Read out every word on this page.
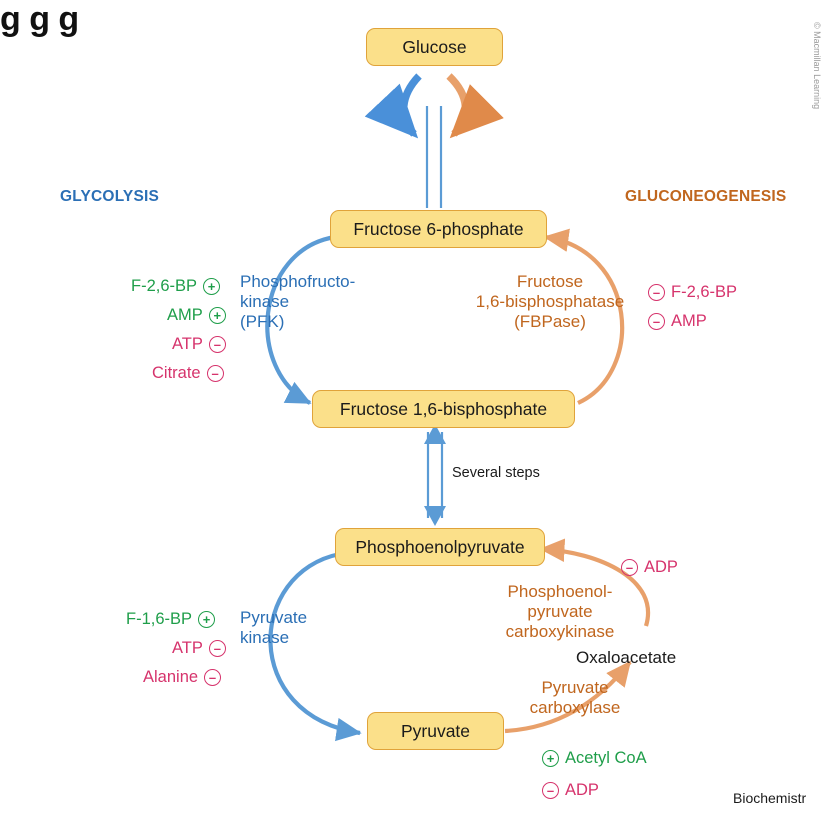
g g g
Glucose
Fructose 6-phosphate
Fructose 1,6-bisphosphate
Phosphoenolpyruvate
Pyruvate
Oxaloacetate
GLYCOLYSIS	GLUCONEOGENESIS
Phosphofructo-
kinase
(PFK)
Fructose
1,6-bisphosphatase
(FBPase)
Pyruvate
kinase
Phosphoenol-
pyruvate
carboxykinase
Pyruvate
carboxylase
Several steps
F-2,6-BP +
AMP +
ATP –
Citrate –
– F-2,6-BP
– AMP
F-1,6-BP +
ATP –
Alanine –
– ADP
+ Acetyl CoA
– ADP	Biochemistr
© Macmillan Learning
